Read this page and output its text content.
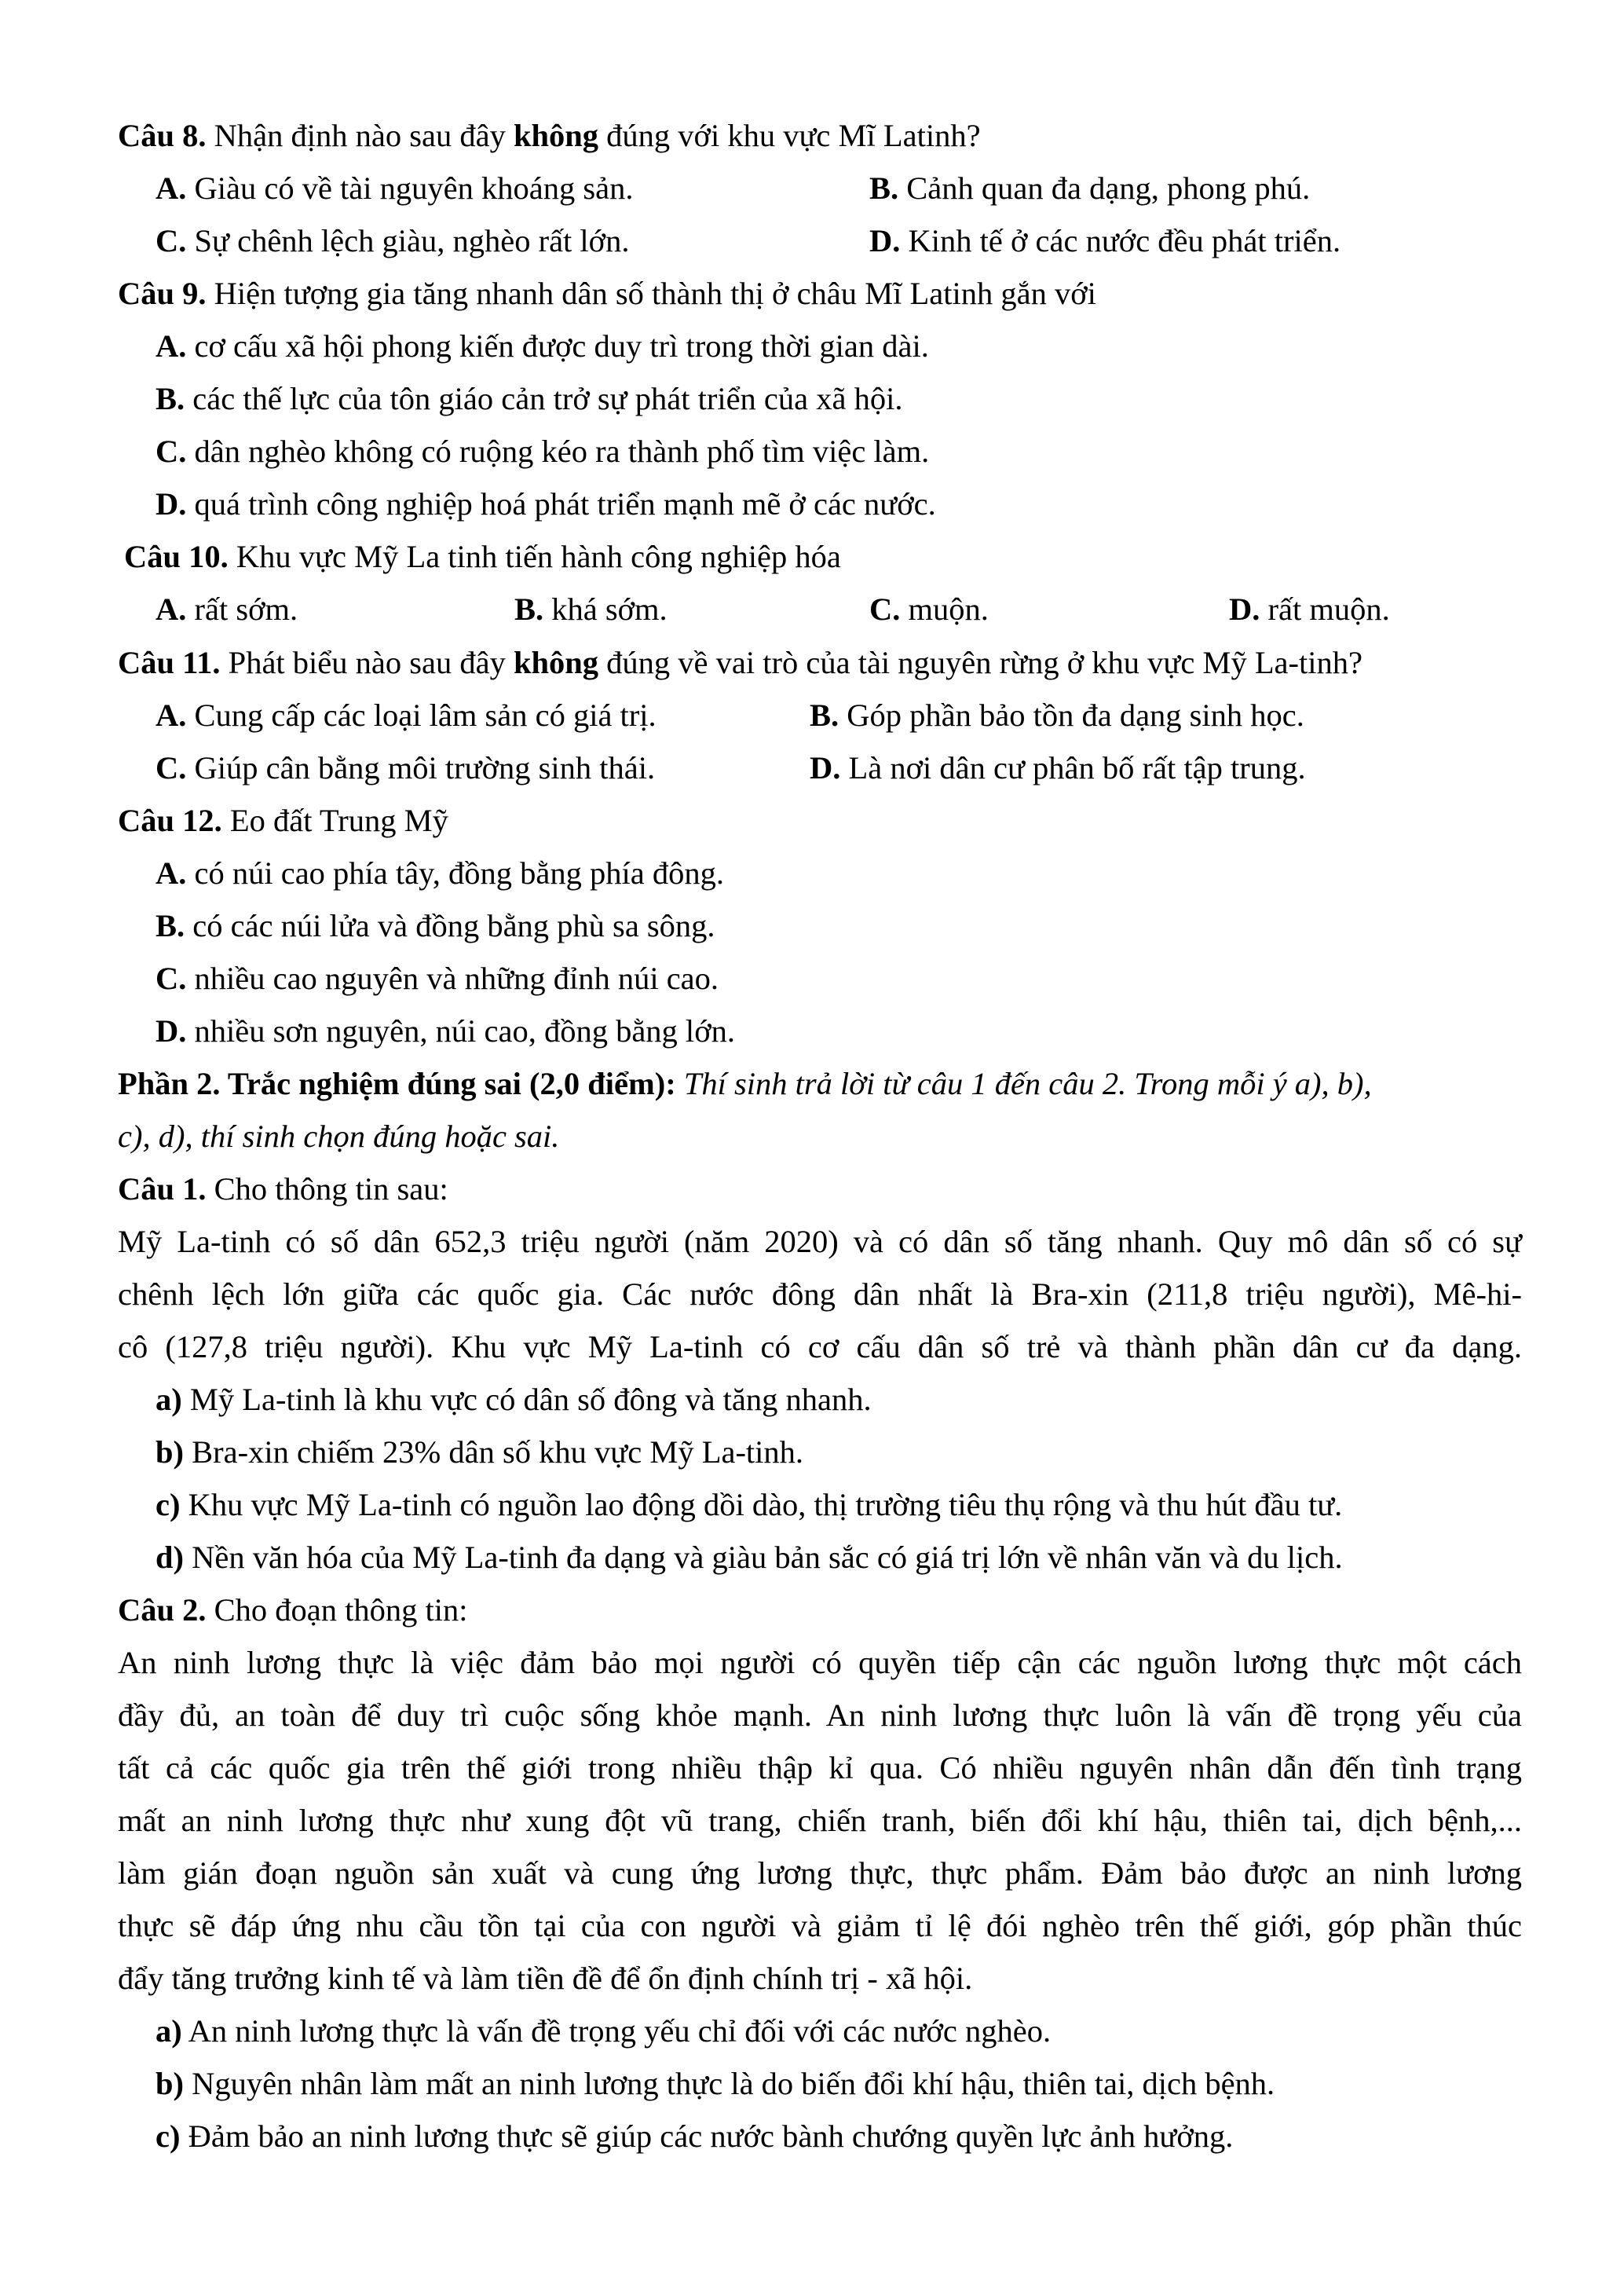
Câu 8. Nhận định nào sau đây không đúng với khu vực Mĩ Latinh?
A. Giàu có về tài nguyên khoáng sản.	B. Cảnh quan đa dạng, phong phú.
C. Sự chênh lệch giàu, nghèo rất lớn.	D. Kinh tế ở các nước đều phát triển.
Câu 9. Hiện tượng gia tăng nhanh dân số thành thị ở châu Mĩ Latinh gắn với
A. cơ cấu xã hội phong kiến được duy trì trong thời gian dài.
B. các thế lực của tôn giáo cản trở sự phát triển của xã hội.
C. dân nghèo không có ruộng kéo ra thành phố tìm việc làm.
D. quá trình công nghiệp hoá phát triển mạnh mẽ ở các nước.
Câu 10. Khu vực Mỹ La tinh tiến hành công nghiệp hóa
A. rất sớm.	B. khá sớm.	C. muộn.	D. rất muộn.
Câu 11. Phát biểu nào sau đây không đúng về vai trò của tài nguyên rừng ở khu vực Mỹ La-tinh?
A. Cung cấp các loại lâm sản có giá trị.	B. Góp phần bảo tồn đa dạng sinh học.
C. Giúp cân bằng môi trường sinh thái.	D. Là nơi dân cư phân bố rất tập trung.
Câu 12. Eo đất Trung Mỹ
A. có núi cao phía tây, đồng bằng phía đông.
B. có các núi lửa và đồng bằng phù sa sông.
C. nhiều cao nguyên và những đỉnh núi cao.
D. nhiều sơn nguyên, núi cao, đồng bằng lớn.
Phần 2. Trắc nghiệm đúng sai (2,0 điểm): Thí sinh trả lời từ câu 1 đến câu 2. Trong mỗi ý a), b),
c), d), thí sinh chọn đúng hoặc sai.
Câu 1. Cho thông tin sau:
Mỹ La-tinh có số dân 652,3 triệu người (năm 2020) và có dân số tăng nhanh. Quy mô dân số có sự
chênh lệch lớn giữa các quốc gia. Các nước đông dân nhất là Bra-xin (211,8 triệu người), Mê-hi-
cô (127,8 triệu người). Khu vực Mỹ La-tinh có cơ cấu dân số trẻ và thành phần dân cư đa dạng.
a) Mỹ La-tinh là khu vực có dân số đông và tăng nhanh.
b) Bra-xin chiếm 23% dân số khu vực Mỹ La-tinh.
c) Khu vực Mỹ La-tinh có nguồn lao động dồi dào, thị trường tiêu thụ rộng và thu hút đầu tư.
d) Nền văn hóa của Mỹ La-tinh đa dạng và giàu bản sắc có giá trị lớn về nhân văn và du lịch.
Câu 2. Cho đoạn thông tin:
An ninh lương thực là việc đảm bảo mọi người có quyền tiếp cận các nguồn lương thực một cách
đầy đủ, an toàn để duy trì cuộc sống khỏe mạnh. An ninh lương thực luôn là vấn đề trọng yếu của
tất cả các quốc gia trên thế giới trong nhiều thập kỉ qua. Có nhiều nguyên nhân dẫn đến tình trạng
mất an ninh lương thực như xung đột vũ trang, chiến tranh, biến đổi khí hậu, thiên tai, dịch bệnh,...
làm gián đoạn nguồn sản xuất và cung ứng lương thực, thực phẩm. Đảm bảo được an ninh lương
thực sẽ đáp ứng nhu cầu tồn tại của con người và giảm tỉ lệ đói nghèo trên thế giới, góp phần thúc
đẩy tăng trưởng kinh tế và làm tiền đề để ổn định chính trị - xã hội.
a) An ninh lương thực là vấn đề trọng yếu chỉ đối với các nước nghèo.
b) Nguyên nhân làm mất an ninh lương thực là do biến đổi khí hậu, thiên tai, dịch bệnh.
c) Đảm bảo an ninh lương thực sẽ giúp các nước bành chướng quyền lực ảnh hưởng.
